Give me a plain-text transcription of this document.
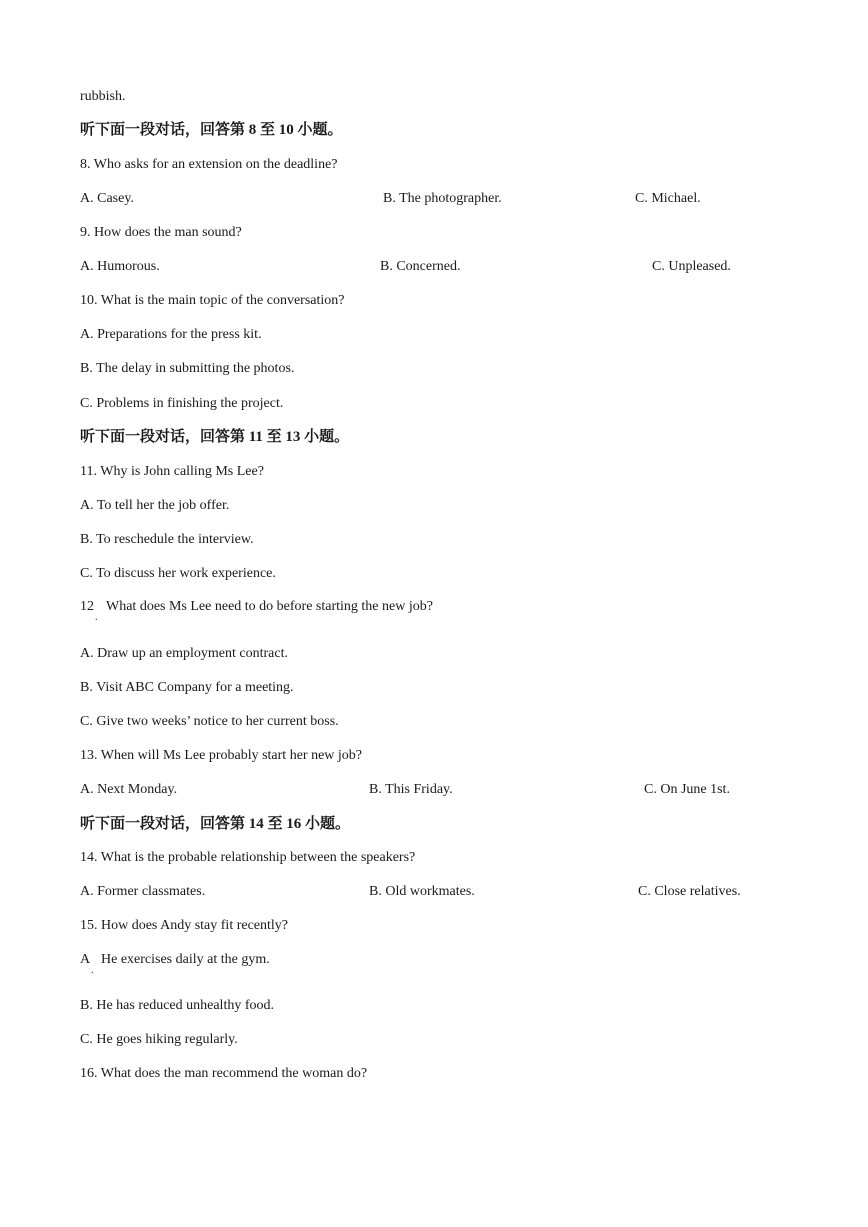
rubbish.
听下面一段对话，回答第 8 至 10 小题。
8. Who asks for an extension on the deadline?
A. Casey.	B. The photographer.	C. Michael.
9. How does the man sound?
A. Humorous.	B. Concerned.	C. Unpleased.
10. What is the main topic of the conversation?
A. Preparations for the press kit.
B. The delay in submitting the photos.
C. Problems in finishing the project.
听下面一段对话，回答第 11 至 13 小题。
11. Why is John calling Ms Lee?
A. To tell her the job offer.
B. To reschedule the interview.
C. To discuss her work experience.
12
.
What does Ms Lee need to do before starting the new job?
A. Draw up an employment contract.
B. Visit ABC Company for a meeting.
C. Give two weeks’ notice to her current boss.
13. When will Ms Lee probably start her new job?
A. Next Monday.	B. This Friday.	C. On June 1st.
听下面一段对话，回答第 14 至 16 小题。
14. What is the probable relationship between the speakers?
A. Former classmates.	B. Old workmates.	C. Close relatives.
15. How does Andy stay fit recently?
A
.
He exercises daily at the gym.
B. He has reduced unhealthy food.
C. He goes hiking regularly.
16. What does the man recommend the woman do?
